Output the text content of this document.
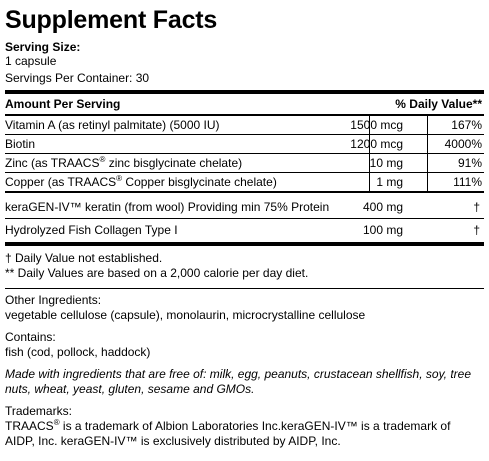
Supplement Facts
Serving Size:
1 capsule
Servings Per Container: 30
Amount Per Serving	% Daily Value**
Vitamin A (as retinyl palmitate) (5000 IU)	1500 mcg	167%
Biotin	1200 mcg	4000%
Zinc (as TRAACS® zinc bisglycinate chelate)	10 mg	91%
Copper (as TRAACS® Copper bisglycinate chelate)	1 mg	111%
keraGEN-IV™ keratin (from wool) Providing min 75% Protein	400 mg	†
Hydrolyzed Fish Collagen Type I	100 mg	†
† Daily Value not established.
** Daily Values are based on a 2,000 calorie per day diet.
Other Ingredients:
vegetable cellulose (capsule), monolaurin, microcrystalline cellulose
Contains:
fish (cod, pollock, haddock)
Made with ingredients that are free of: milk, egg, peanuts, crustacean shellfish, soy, tree
nuts, wheat, yeast, gluten, sesame and GMOs.
Trademarks:
TRAACS® is a trademark of Albion Laboratories Inc.keraGEN-IV™ is a trademark of
AIDP, Inc. keraGEN-IV™ is exclusively distributed by AIDP, Inc.
